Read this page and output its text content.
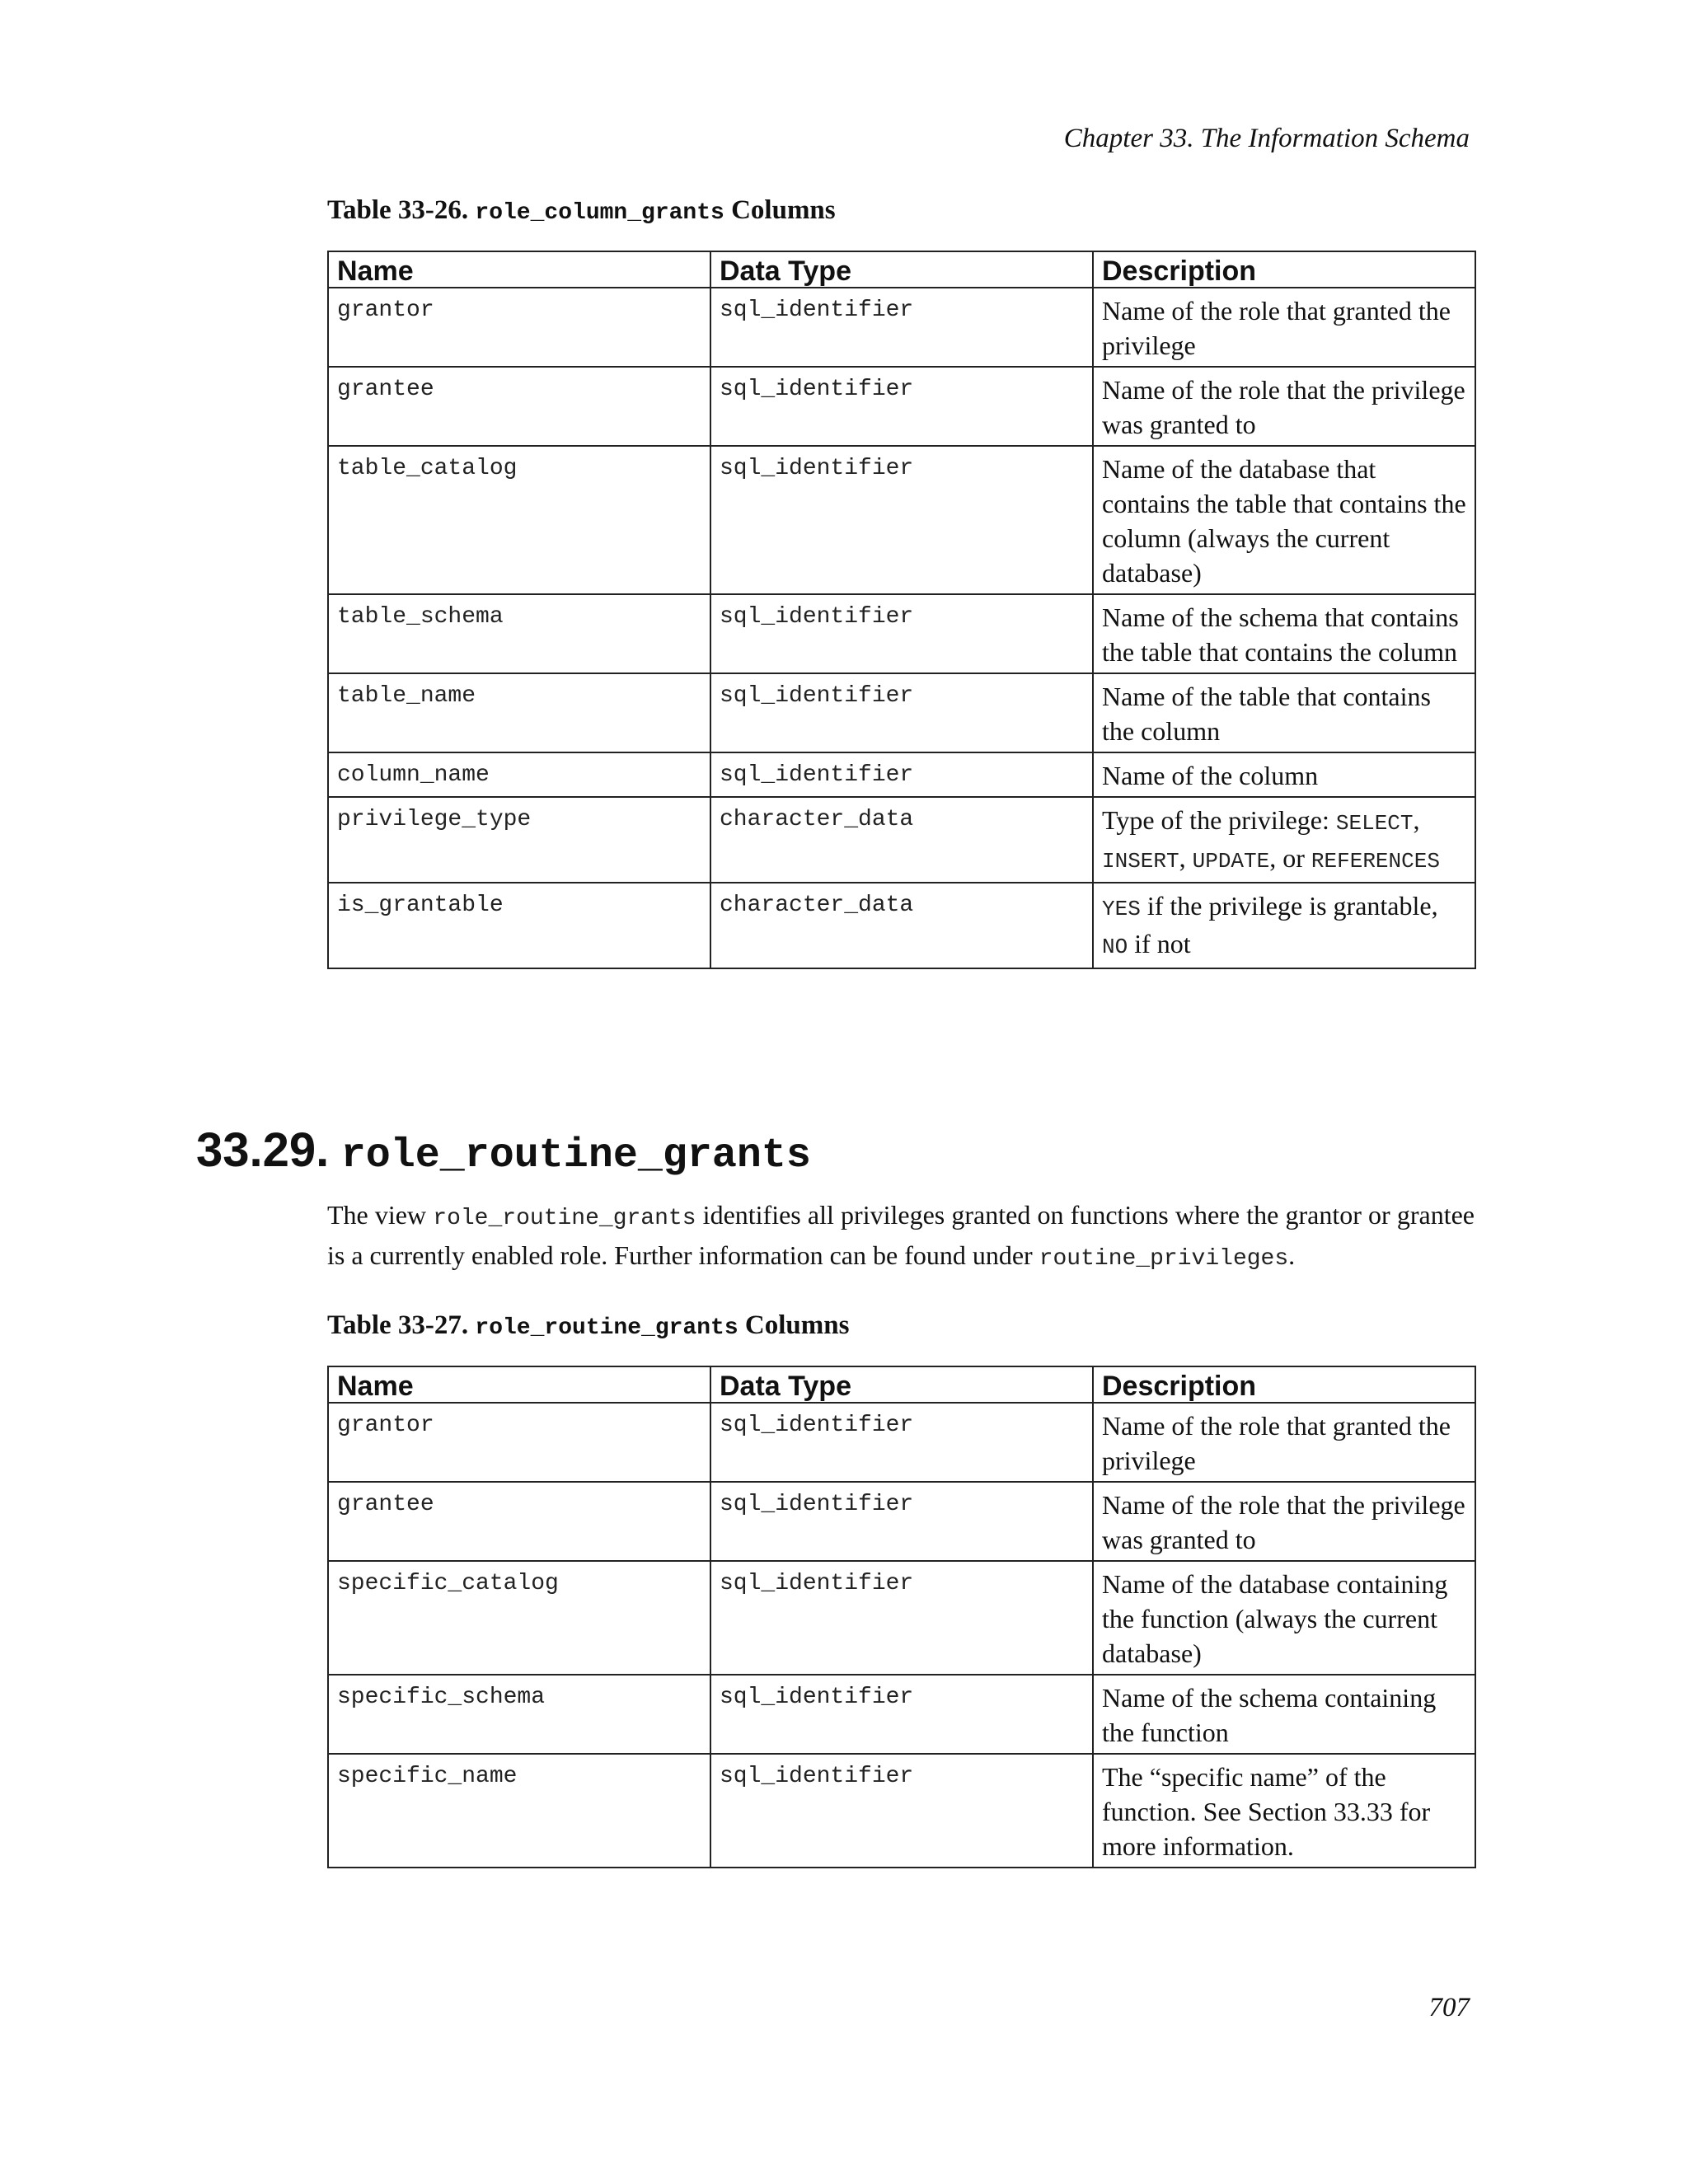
Chapter 33. The Information Schema
Table 33-26. role_column_grants Columns
Name	Data Type	Description
grantor	sql_identifier	Name of the role that granted the privilege
grantee	sql_identifier	Name of the role that the privilege was granted to
table_catalog	sql_identifier	Name of the database that contains the table that contains the column (always the current database)
table_schema	sql_identifier	Name of the schema that contains the table that contains the column
table_name	sql_identifier	Name of the table that contains the column
column_name	sql_identifier	Name of the column
privilege_type	character_data	Type of the privilege: SELECT, INSERT, UPDATE, or REFERENCES
is_grantable	character_data	YES if the privilege is grantable, NO if not
33.29. role_routine_grants
The view role_routine_grants identifies all privileges granted on functions where the grantor or grantee is a currently enabled role. Further information can be found under routine_privileges.
Table 33-27. role_routine_grants Columns
Name	Data Type	Description
grantor	sql_identifier	Name of the role that granted the privilege
grantee	sql_identifier	Name of the role that the privilege was granted to
specific_catalog	sql_identifier	Name of the database containing the function (always the current database)
specific_schema	sql_identifier	Name of the schema containing the function
specific_name	sql_identifier	The “specific name” of the function. See Section 33.33 for more information.
707
